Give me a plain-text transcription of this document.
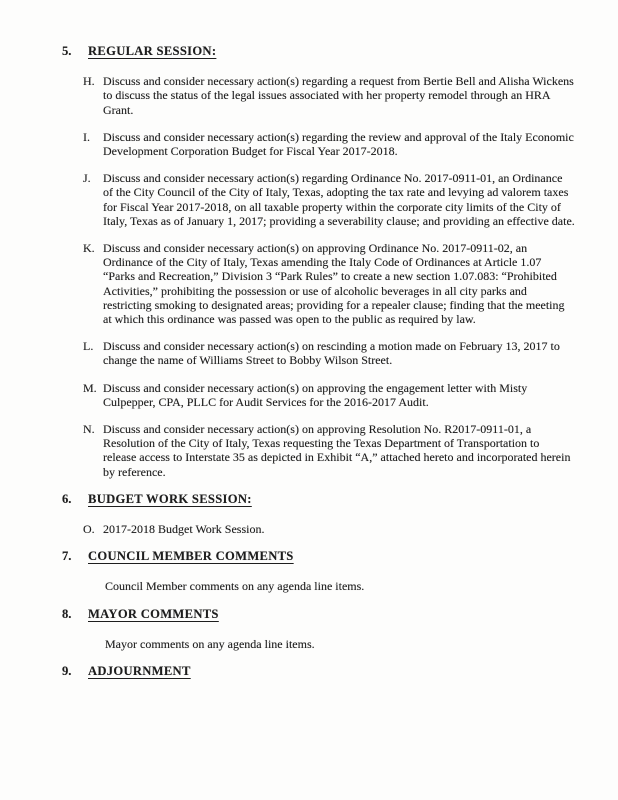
5.	REGULAR SESSION:
H. Discuss and consider necessary action(s) regarding a request from Bertie Bell and Alisha Wickens to discuss the status of the legal issues associated with her property remodel through an HRA Grant.
I.	Discuss and consider necessary action(s) regarding the review and approval of the Italy Economic Development Corporation Budget for Fiscal Year 2017-2018.
J.	Discuss and consider necessary action(s) regarding Ordinance No. 2017-0911-01, an Ordinance of the City Council of the City of Italy, Texas, adopting the tax rate and levying ad valorem taxes for Fiscal Year 2017-2018, on all taxable property within the corporate city limits of the City of Italy, Texas as of January 1, 2017; providing a severability clause; and providing an effective date.
K. Discuss and consider necessary action(s) on approving Ordinance No. 2017-0911-02, an Ordinance of the City of Italy, Texas amending the Italy Code of Ordinances at Article 1.07 “Parks and Recreation,” Division 3 “Park Rules” to create a new section 1.07.083: “Prohibited Activities,” prohibiting the possession or use of alcoholic beverages in all city parks and restricting smoking to designated areas; providing for a repealer clause; finding that the meeting at which this ordinance was passed was open to the public as required by law.
L. Discuss and consider necessary action(s) on rescinding a motion made on February 13, 2017 to change the name of Williams Street to Bobby Wilson Street.
M. Discuss and consider necessary action(s) on approving the engagement letter with Misty Culpepper, CPA, PLLC for Audit Services for the 2016-2017 Audit.
N. Discuss and consider necessary action(s) on approving Resolution No. R2017-0911-01, a Resolution of the City of Italy, Texas requesting the Texas Department of Transportation to release access to Interstate 35 as depicted in Exhibit “A,” attached hereto and incorporated herein by reference.
6.	BUDGET WORK SESSION:
O. 2017-2018 Budget Work Session.
7.	COUNCIL MEMBER COMMENTS

Council Member comments on any agenda line items.

8.	MAYOR COMMENTS

Mayor comments on any agenda line items.

9.	ADJOURNMENT
